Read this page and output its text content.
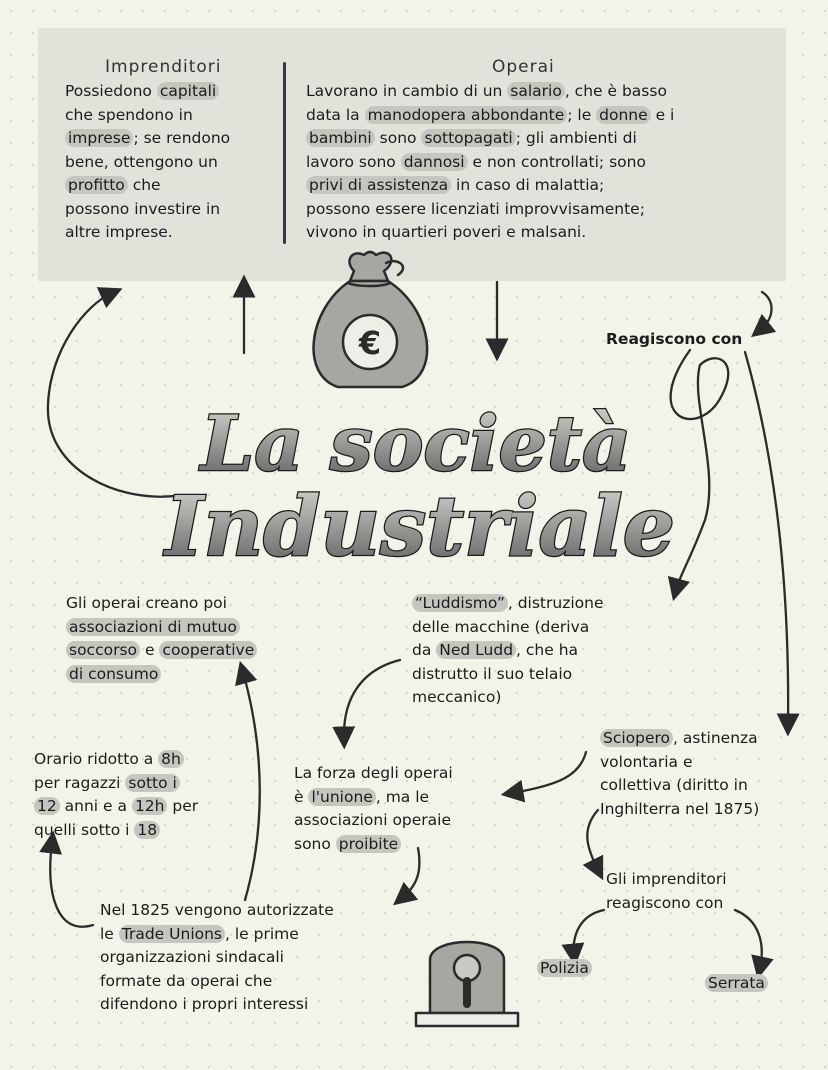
Imprenditori
Possiedono capitali
che spendono in
imprese ; se rendono
bene, ottengono un
profitto che
possono investire in
altre imprese.
Operai
Lavorano in cambio di un salario , che è basso
data la manodopera abbondante ; le donne e i
bambini sono sottopagati ; gli ambienti di
lavoro sono dannosi e non controllati; sono
privi di assistenza in caso di malattia;
possono essere licenziati improvvisamente;
vivono in quartieri poveri e malsani.
€
La società
Industriale
Reagiscono con
“Luddismo” , distruzione
delle macchine (deriva
da Ned Ludd , che ha
distrutto il suo telaio
meccanico)
Gli operai creano poi
associazioni di mutuo
soccorso e cooperative
di consumo
Sciopero , astinenza
volontaria e
collettiva (diritto in
Inghilterra nel 1875)
La forza degli operai
è l'unione , ma le
associazioni operaie
sono proibite
Orario ridotto a 8h
per ragazzi sotto i
12 anni e a 12h per
quelli sotto i 18
Nel 1825 vengono autorizzate
le Trade Unions , le prime
organizzazioni sindacali
formate da operai che
difendono i propri interessi
Gli imprenditori
reagiscono con
Polizia
Serrata
